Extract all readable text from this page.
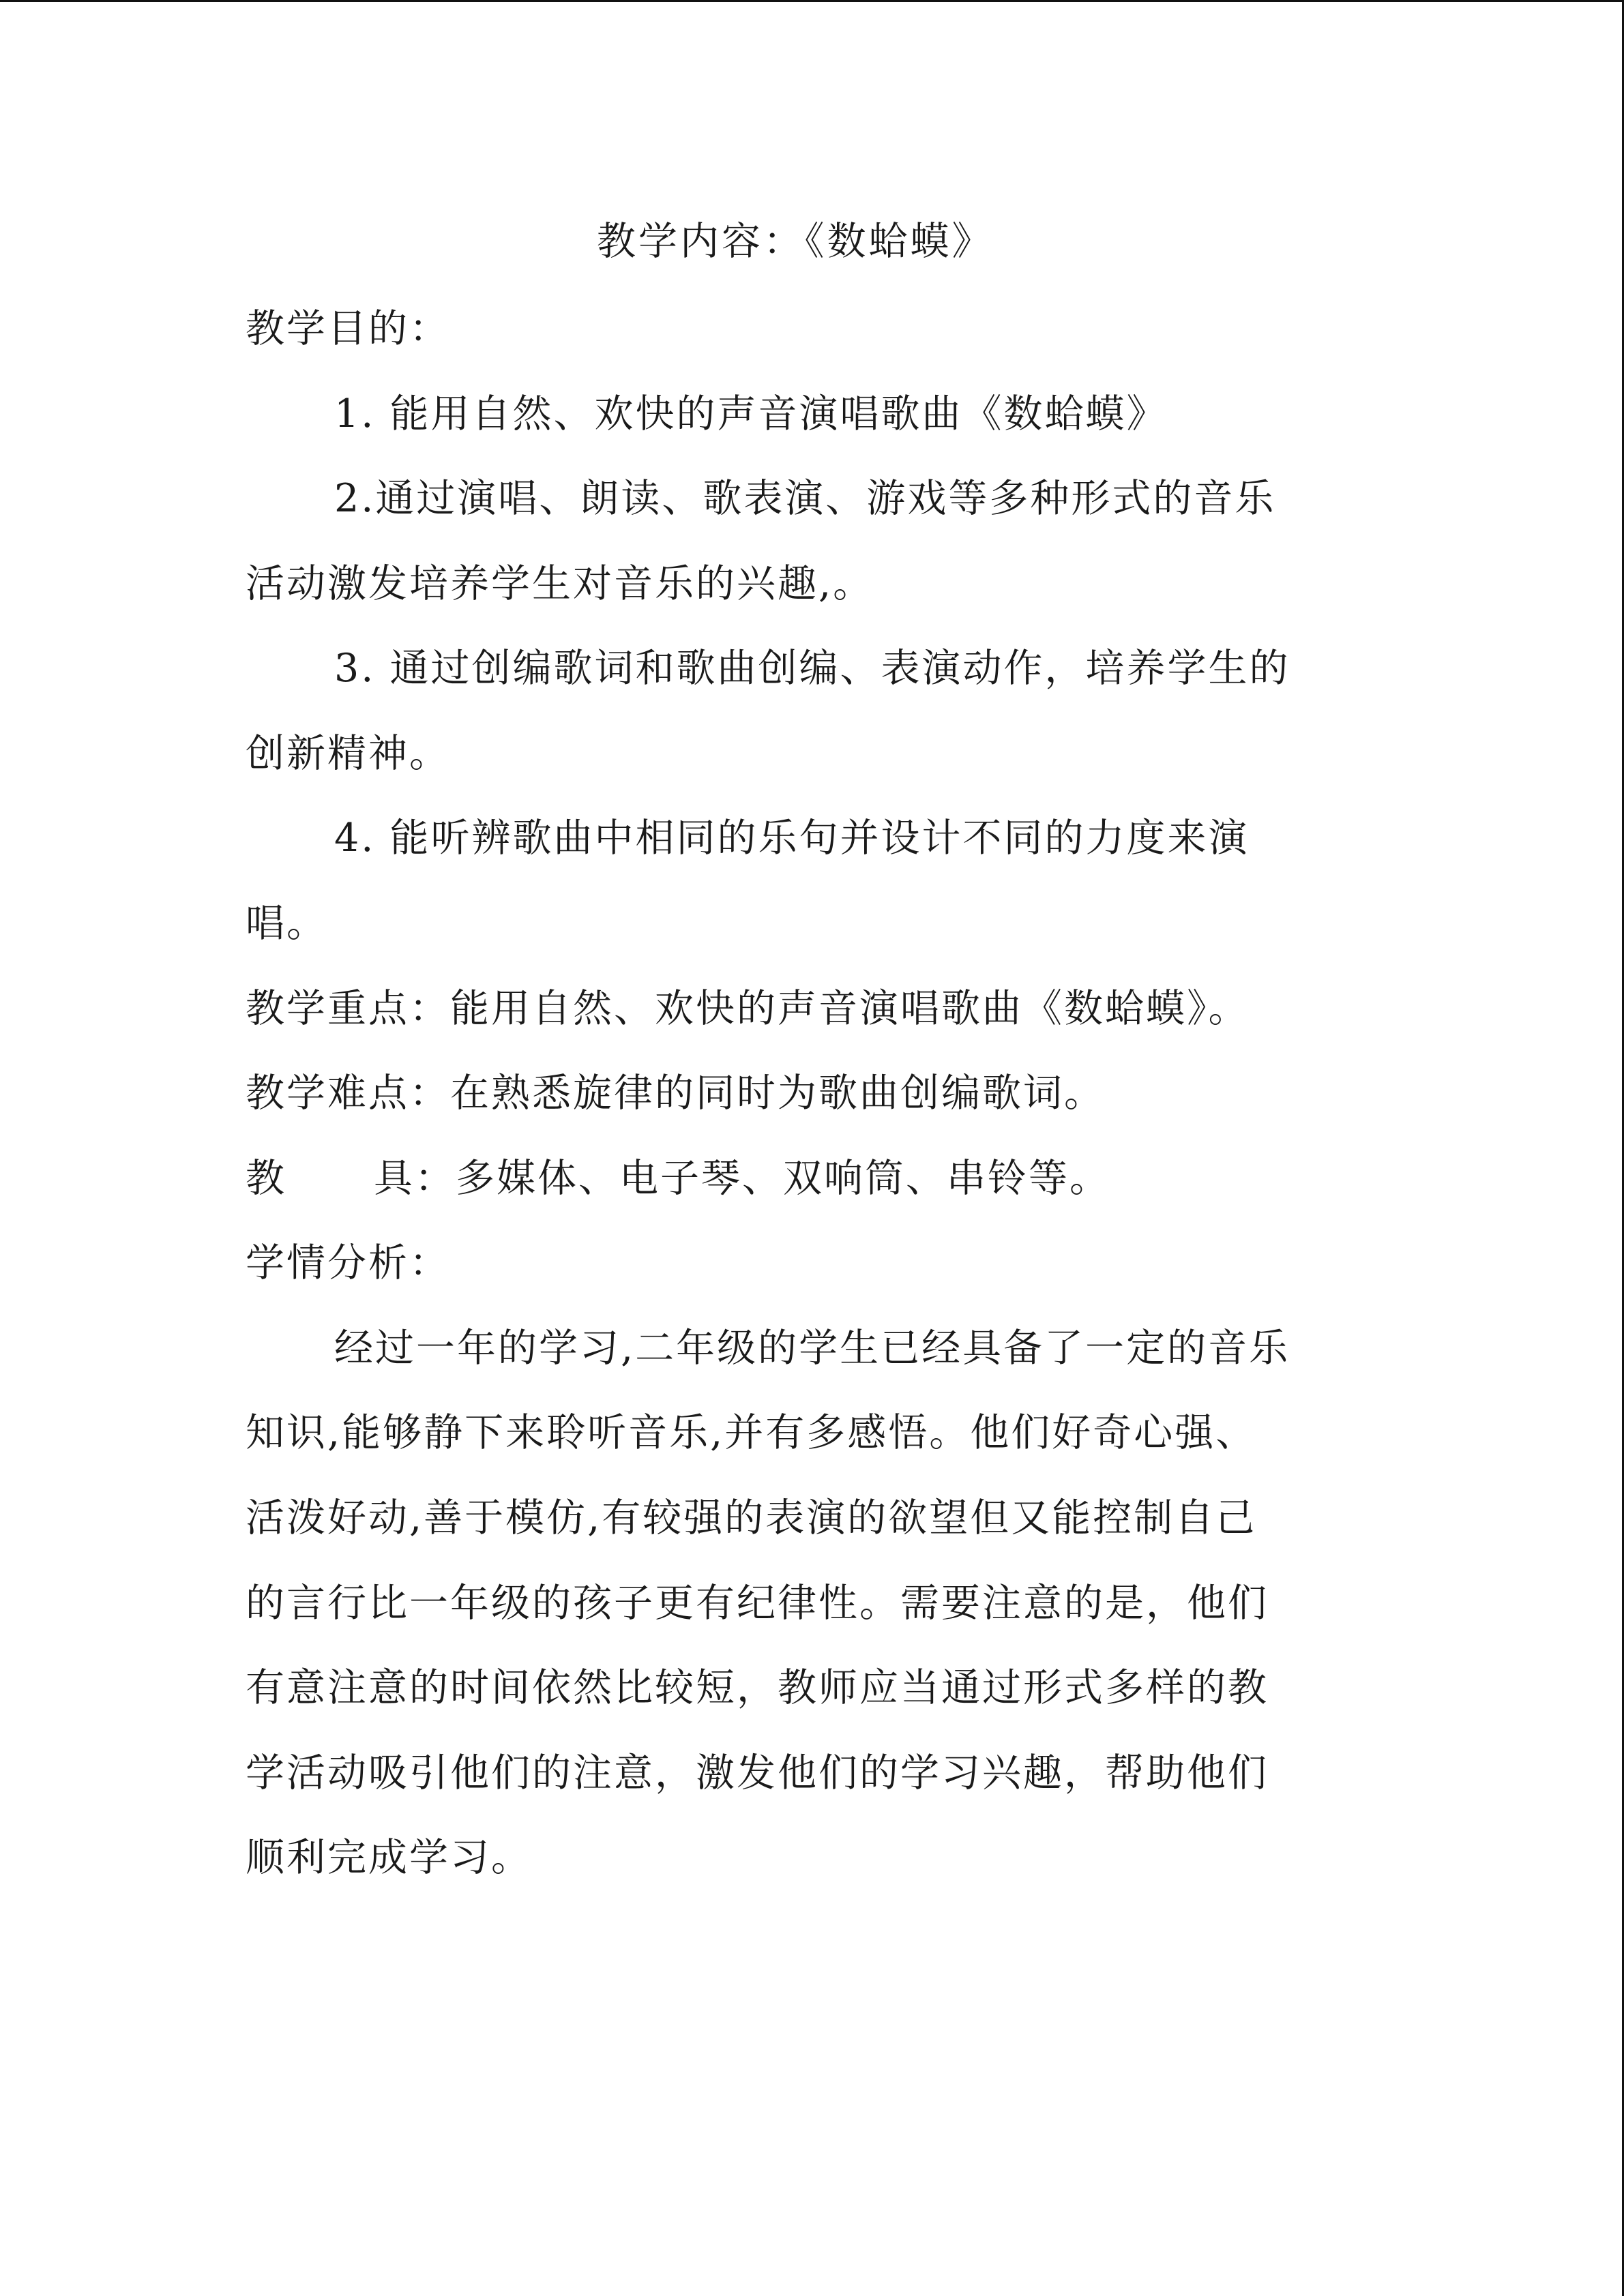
教学内容：《数蛤蟆》

教学目的：

1. 能用自然、欢快的声音演唱歌曲《数蛤蟆》

2.通过演唱、朗读、歌表演、游戏等多种形式的音乐

活动激发培养学生对音乐的兴趣,。

3. 通过创编歌词和歌曲创编、表演动作，培养学生的

创新精神。

4. 能听辨歌曲中相同的乐句并设计不同的力度来演

唱。

教学重点：能用自然、欢快的声音演唱歌曲《数蛤蟆》。

教学难点：在熟悉旋律的同时为歌曲创编歌词。

教 具：多媒体、电子琴、双响筒、串铃等。

学情分析：

经过一年的学习,二年级的学生已经具备了一定的音乐

知识,能够静下来聆听音乐,并有多感悟。他们好奇心强、

活泼好动,善于模仿,有较强的表演的欲望但又能控制自己

的言行比一年级的孩子更有纪律性。需要注意的是，他们

有意注意的时间依然比较短，教师应当通过形式多样的教

学活动吸引他们的注意，激发他们的学习兴趣，帮助他们

顺利完成学习。
